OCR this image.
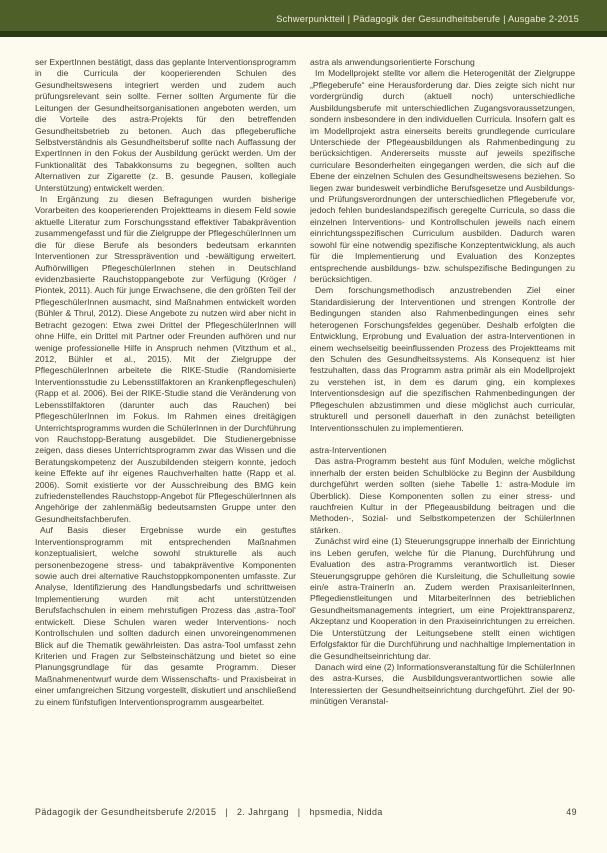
Schwerpunktteil | Pädagogik der Gesundheitsberufe | Ausgabe 2-2015

ser ExpertInnen bestätigt, dass das geplante Interventionsprogramm in die Curricula der kooperierenden Schulen des Gesundheitswesens integriert werden und zudem auch prüfungsrelevant sein sollte. Ferner sollten Argumente für die Leitungen der Gesundheitsorganisationen angeboten werden, um die Vorteile des astra-Projekts für den betreffenden Gesundheitsbetrieb zu betonen. Auch das pflegeberufliche Selbstverständnis als Gesundheitsberuf sollte nach Auffassung der ExpertInnen in den Fokus der Ausbildung gerückt werden. Um der Funktionalität des Tabakkonsums zu begegnen, sollten auch Alternativen zur Zigarette (z. B. gesunde Pausen, kollegiale Unterstützung) entwickelt werden.

In Ergänzung zu diesen Befragungen wurden bisherige Vorarbeiten des kooperierenden Projektteams in diesem Feld sowie aktuelle Literatur zum Forschungsstand effektiver Tabakprävention zusammengefasst und für die Zielgruppe der PflegeschülerInnen um die für diese Berufe als besonders bedeutsam erkannten Interventionen zur Stressprävention und -bewältigung erweitert. Aufhörwilligen PflegeschülerInnen stehen in Deutschland evidenzbasierte Rauchstoppangebote zur Verfügung (Kröger / Piontek, 2011). Auch für junge Erwachsene, die den größten Teil der PflegeschülerInnen ausmacht, sind Maßnahmen entwickelt worden (Bühler & Thrul, 2012). Diese Angebote zu nutzen wird aber nicht in Betracht gezogen: Etwa zwei Drittel der PflegeschülerInnen will ohne Hilfe, ein Drittel mit Partner oder Freunden aufhören und nur wenige professionelle Hilfe in Anspruch nehmen (Vitzthum et al., 2012, Bühler et al., 2015). Mit der Zielgruppe der PflegeschülerInnen arbeitete die RIKE-Studie (Randomisierte Interventionsstudie zu Lebensstilfaktoren an Krankenpflegeschulen) (Rapp et al. 2006). Bei der RIKE-Studie stand die Veränderung von Lebensstilfaktoren (darunter auch das Rauchen) bei PflegeschülerInnen im Fokus. Im Rahmen eines dreitägigen Unterrichtsprogramms wurden die SchülerInnen in der Durchführung von Rauchstopp-Beratung ausgebildet. Die Studienergebnisse zeigen, dass dieses Unterrichtsprogramm zwar das Wissen und die Beratungskompetenz der Auszubildenden steigern konnte, jedoch keine Effekte auf ihr eigenes Rauchverhalten hatte (Rapp et al. 2006). Somit existierte vor der Ausschreibung des BMG kein zufriedenstellendes Rauchstopp-Angebot für PflegeschülerInnen als Angehörige der zahlenmäßig bedeutsamsten Gruppe unter den Gesundheitsfachberufen.

Auf Basis dieser Ergebnisse wurde ein gestuftes Interventionsprogramm mit entsprechenden Maßnahmen konzeptualisiert, welche sowohl strukturelle als auch personenbezogene stress- und tabakpräventive Komponenten sowie auch drei alternative Rauchstoppkomponenten umfasste. Zur Analyse, Identifizierung des Handlungsbedarfs und schrittweisen Implementierung wurden mit acht unterstützenden Berufsfachschulen in einem mehrstufigen Prozess das ‚astra-Tool‘ entwickelt. Diese Schulen waren weder Interventions- noch Kontrollschulen und sollten dadurch einen unvoreingenommenen Blick auf die Thematik gewährleisten. Das astra-Tool umfasst zehn Kriterien und Fragen zur Selbsteinschätzung und bietet so eine Planungsgrundlage für das gesamte Programm. Dieser Maßnahmenentwurf wurde dem Wissenschafts- und Praxisbeirat in einer umfangreichen Sitzung vorgestellt, diskutiert und anschließend zu einem fünfstufigen Interventionsprogramm ausgearbeitet.

astra als anwendungsorientierte Forschung

Im Modellprojekt stellte vor allem die Heterogenität der Zielgruppe „Pflegeberufe“ eine Herausforderung dar. Dies zeigte sich nicht nur vordergründig durch (aktuell noch) unterschiedliche Ausbildungsberufe mit unterschiedlichen Zugangsvoraussetzungen, sondern insbesondere in den individuellen Curricula. Insofern galt es im Modellprojekt astra einerseits bereits grundlegende curriculare Unterschiede der Pflegeausbildungen als Rahmenbedingung zu berücksichtigen. Andererseits musste auf jeweils spezifische curriculare Besonderheiten eingegangen werden, die sich auf die Ebene der einzelnen Schulen des Gesundheitswesens beziehen. So liegen zwar bundesweit verbindliche Berufsgesetze und Ausbildungs- und Prüfungsverordnungen der unterschiedlichen Pflegeberufe vor, jedoch fehlen bundeslandspezifisch geregelte Curricula, so dass die einzelnen Interventions- und Kontrollschulen jeweils nach einem einrichtungsspezifischen Curriculum ausbilden. Dadurch waren sowohl für eine notwendig spezifische Konzeptentwicklung, als auch für die Implementierung und Evaluation des Konzeptes entsprechende ausbildungs- bzw. schulspezifische Bedingungen zu berücksichtigen.

Dem forschungsmethodisch anzustrebenden Ziel einer Standardisierung der Interventionen und strengen Kontrolle der Bedingungen standen also Rahmenbedingungen eines sehr heterogenen Forschungsfeldes gegenüber. Deshalb erfolgten die Entwicklung, Erprobung und Evaluation der astra-Interventionen in einem wechselseitig beeinflussenden Prozess des Projektteams mit den Schulen des Gesundheitssystems. Als Konsequenz ist hier festzuhalten, dass das Programm astra primär als ein Modellprojekt zu verstehen ist, in dem es darum ging, ein komplexes Interventionsdesign auf die spezifischen Rahmenbedingungen der Pflegeschulen abzustimmen und diese möglichst auch curricular, strukturell und personell dauerhaft in den zunächst beteiligten Interventionsschulen zu implementieren.

astra-Interventionen

Das astra-Programm besteht aus fünf Modulen, welche möglichst innerhalb der ersten beiden Schulblöcke zu Beginn der Ausbildung durchgeführt werden sollten (siehe Tabelle 1: astra-Module im Überblick). Diese Komponenten sollen zu einer stress- und rauchfreien Kultur in der Pflegeausbildung beitragen und die Methoden-, Sozial- und Selbstkompetenzen der SchülerInnen stärken.

Zunächst wird eine (1) Steuerungsgruppe innerhalb der Einrichtung ins Leben gerufen, welche für die Planung, Durchführung und Evaluation des astra-Programms verantwortlich ist. Dieser Steuerungsgruppe gehören die Kursleitung, die Schulleitung sowie ein/e astra-TrainerIn an. Zudem werden PraxisanleiterInnen, Pflegedienstleitungen und MitarbeiterInnen des betrieblichen Gesundheitsmanagements integriert, um eine Projekttransparenz, Akzeptanz und Kooperation in den Praxiseinrichtungen zu erreichen. Die Unterstützung der Leitungsebene stellt einen wichtigen Erfolgsfaktor für die Durchführung und nachhaltige Implementation in die Gesundheitseinrichtung dar.

Danach wird eine (2) Informationsveranstaltung für die SchülerInnen des astra-Kurses, die Ausbildungsverantwortlichen sowie alle Interessierten der Gesundheitseinrichtung durchgeführt. Ziel der 90-minütigen Veranstal-

Pädagogik der Gesundheitsberufe 2/2015 | 2. Jahrgang | hpsmedia, Nidda	49
